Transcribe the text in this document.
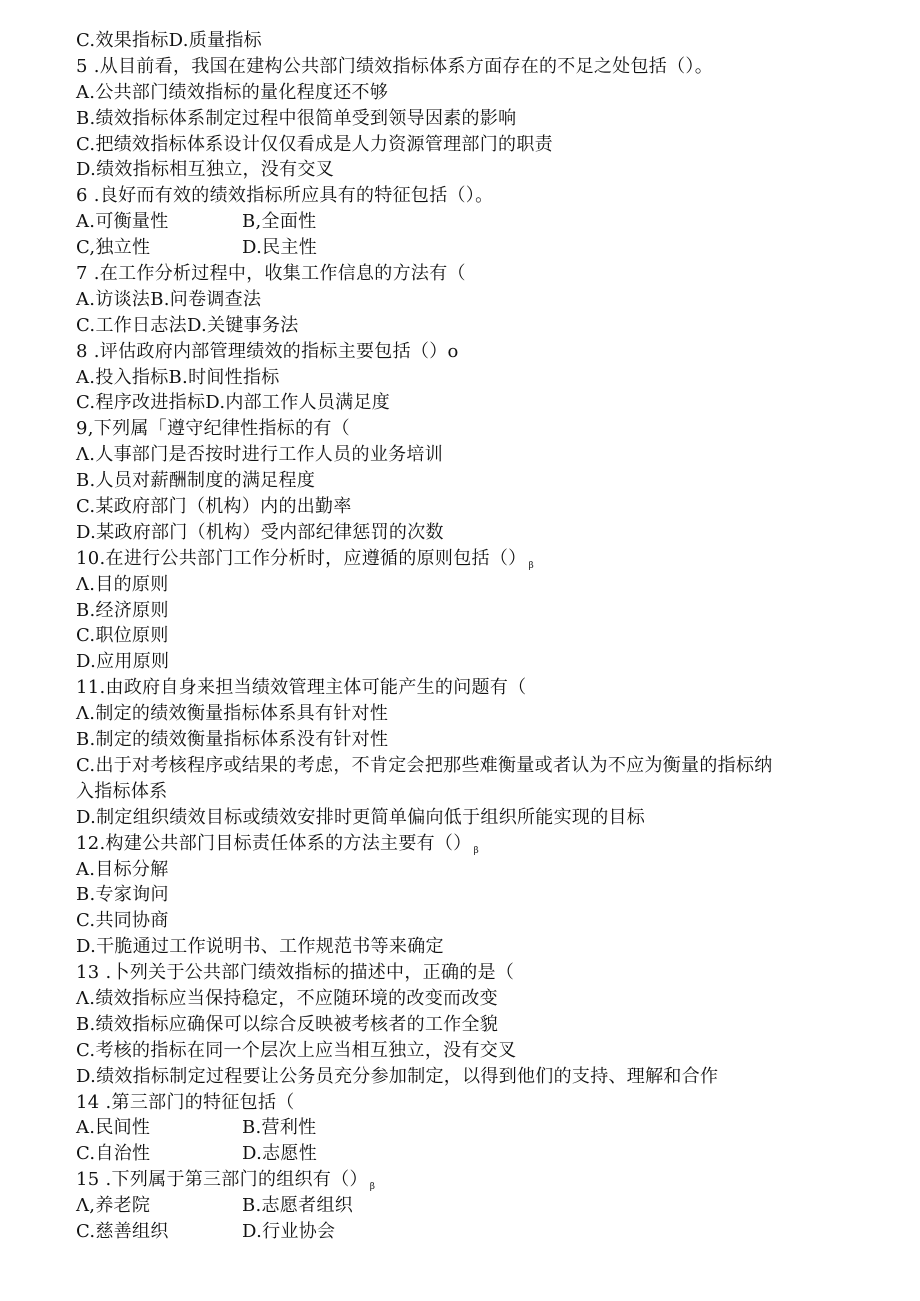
C.效果指标D.质量指标
5 .从目前看，我国在建构公共部门绩效指标体系方面存在的不足之处包括（）。
A.公共部门绩效指标的量化程度还不够
B.绩效指标体系制定过程中很简单受到领导因素的影响
C.把绩效指标体系设计仅仅看成是人力资源管理部门的职责
D.绩效指标相互独立，没有交叉
6 .良好而有效的绩效指标所应具有的特征包括（）。
A.可衡量性	B,全面性
C,独立性	D.民主性
7 .在工作分析过程中，收集工作信息的方法有（
A.访谈法B.问卷调查法
C.工作日志法D.关键事务法
8 .评估政府内部管理绩效的指标主要包括（）o
A.投入指标B.时间性指标
C.程序改进指标D.内部工作人员满足度
9,下列属「遵守纪律性指标的有（
Λ.人事部门是否按时进行工作人员的业务培训
B.人员对薪酬制度的满足程度
C.某政府部门（机构）内的出勤率
D.某政府部门（机构）受内部纪律惩罚的次数
10.在进行公共部门工作分析时，应遵循的原则包括（） $_\beta$
Λ.目的原则
B.经济原则
C.职位原则
D.应用原则
11.由政府自身来担当绩效管理主体可能产生的问题有（
Λ.制定的绩效衡量指标体系具有针对性
B.制定的绩效衡量指标体系没有针对性
C.出于对考核程序或结果的考虑，不肯定会把那些难衡量或者认为不应为衡量的指标纳
入指标体系
D.制定组织绩效目标或绩效安排时更简单偏向低于组织所能实现的目标
12.构建公共部门目标责任体系的方法主要有（） $_\beta$
A.目标分解
B.专家询问
C.共同协商
D.干脆通过工作说明书、工作规范书等来确定
13 .卜列关于公共部门绩效指标的描述中，正确的是（
Λ.绩效指标应当保持稳定，不应随环境的改变而改变
B.绩效指标应确保可以综合反映被考核者的工作全貌
C.考核的指标在同一个层次上应当相互独立，没有交叉
D.绩效指标制定过程要让公务员充分参加制定，以得到他们的支持、理解和合作
14 .第三部门的特征包括（
A.民间性	B.营利性
C.自治性	D.志愿性
15 .下列属于第三部门的组织有（） $_\beta$
Λ,养老院	B.志愿者组织
C.慈善组织	D.行业协会
